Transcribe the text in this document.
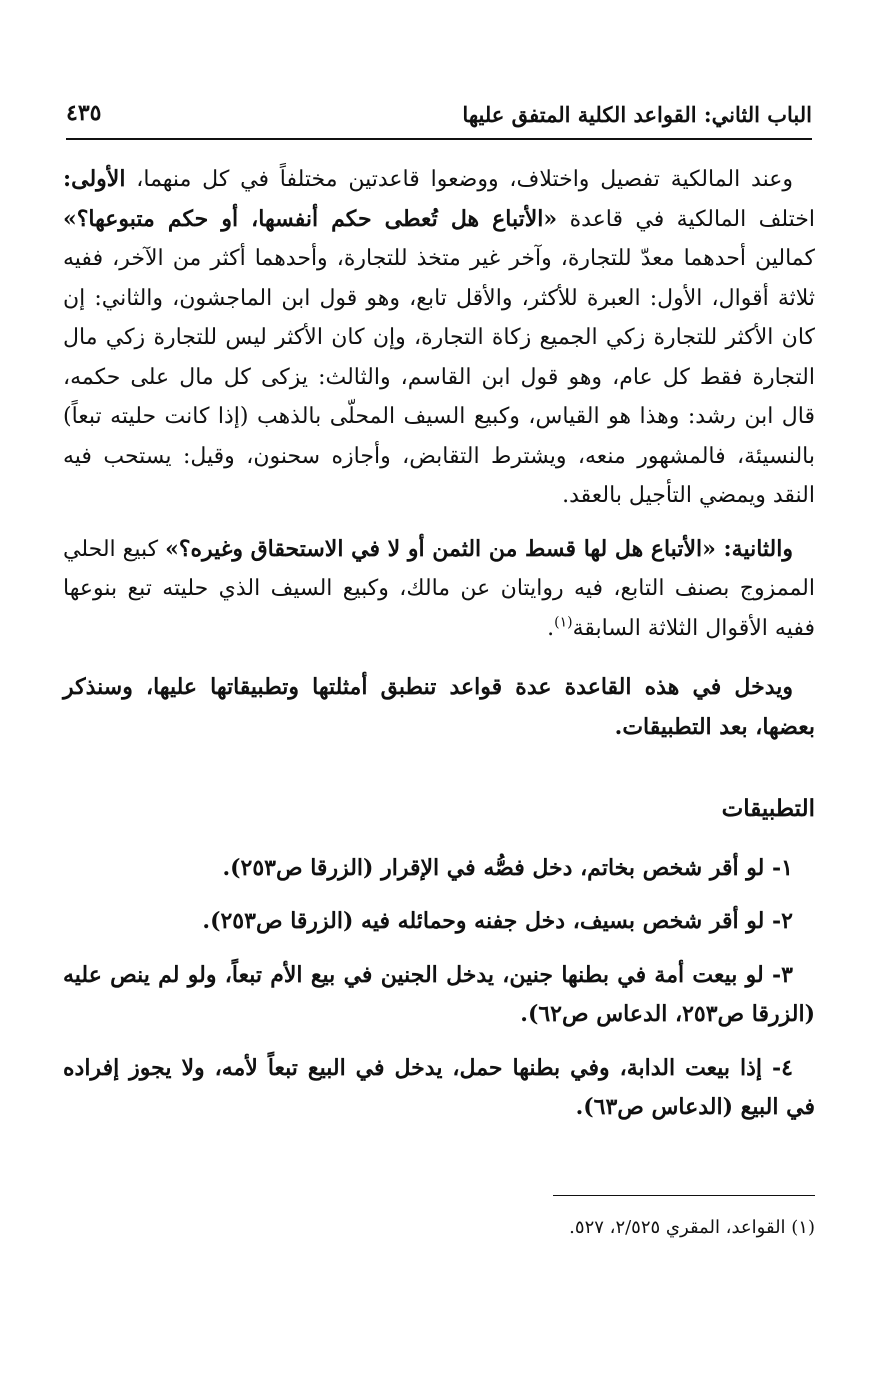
الباب الثاني: القواعد الكلية المتفق عليها
٤٣٥

وعند المالكية تفصيل واختلاف، ووضعوا قاعدتين مختلفاً في كل منهما، الأولى: اختلف المالكية في قاعدة «الأتباع هل تُعطى حكم أنفسها، أو حكم متبوعها؟» كمالين أحدهما معدّ للتجارة، وآخر غير متخذ للتجارة، وأحدهما أكثر من الآخر، ففيه ثلاثة أقوال، الأول: العبرة للأكثر، والأقل تابع، وهو قول ابن الماجشون، والثاني: إن كان الأكثر للتجارة زكي الجميع زكاة التجارة، وإن كان الأكثر ليس للتجارة زكي مال التجارة فقط كل عام، وهو قول ابن القاسم، والثالث: يزكى كل مال على حكمه، قال ابن رشد: وهذا هو القياس، وكبيع السيف المحلّى بالذهب (إذا كانت حليته تبعاً) بالنسيئة، فالمشهور منعه، ويشترط التقابض، وأجازه سحنون، وقيل: يستحب فيه النقد ويمضي التأجيل بالعقد.

والثانية: «الأتباع هل لها قسط من الثمن أو لا في الاستحقاق وغيره؟» كبيع الحلي الممزوج بصنف التابع، فيه روايتان عن مالك، وكبيع السيف الذي حليته تبع بنوعها ففيه الأقوال الثلاثة السابقة$^{(١)}$.

ويدخل في هذه القاعدة عدة قواعد تنطبق أمثلتها وتطبيقاتها عليها، وسنذكر بعضها، بعد التطبيقات.

التطبيقات

١- لو أقر شخص بخاتم، دخل فصُّه في الإقرار (الزرقا ص٢٥٣).

٢- لو أقر شخص بسيف، دخل جفنه وحمائله فيه (الزرقا ص٢٥٣).

٣- لو بيعت أمة في بطنها جنين، يدخل الجنين في بيع الأم تبعاً، ولو لم ينص عليه (الزرقا ص٢٥٣، الدعاس ص٦٢).

٤- إذا بيعت الدابة، وفي بطنها حمل، يدخل في البيع تبعاً لأمه، ولا يجوز إفراده في البيع (الدعاس ص٦٣).

(١) القواعد، المقري ٢/٥٢٥، ٥٢٧.
